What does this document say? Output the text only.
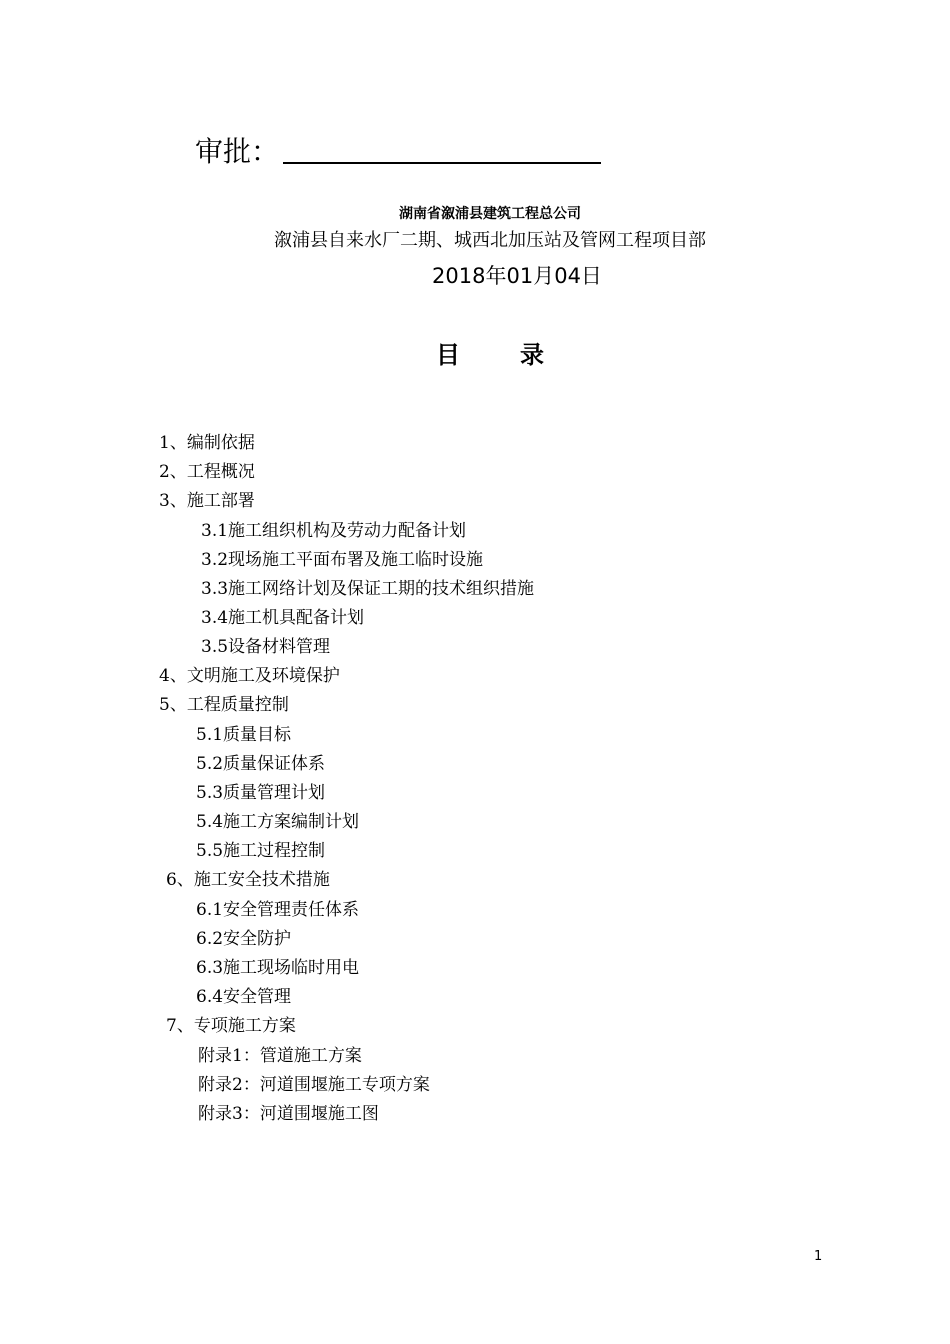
审批：
湖南省溆浦县建筑工程总公司
溆浦县自来水厂二期、城西北加压站及管网工程项目部
2018年01月04日
目录
1、编制依据
2、工程概况
3、施工部署
3.1施工组织机构及劳动力配备计划
3.2现场施工平面布署及施工临时设施
3.3施工网络计划及保证工期的技术组织措施
3.4施工机具配备计划
3.5设备材料管理
4、文明施工及环境保护
5、工程质量控制
5.1质量目标
5.2质量保证体系
5.3质量管理计划
5.4施工方案编制计划
5.5施工过程控制
6、施工安全技术措施
6.1安全管理责任体系
6.2安全防护
6.3施工现场临时用电
6.4安全管理
7、专项施工方案
附录1：管道施工方案
附录2：河道围堰施工专项方案
附录3：河道围堰施工图
1
